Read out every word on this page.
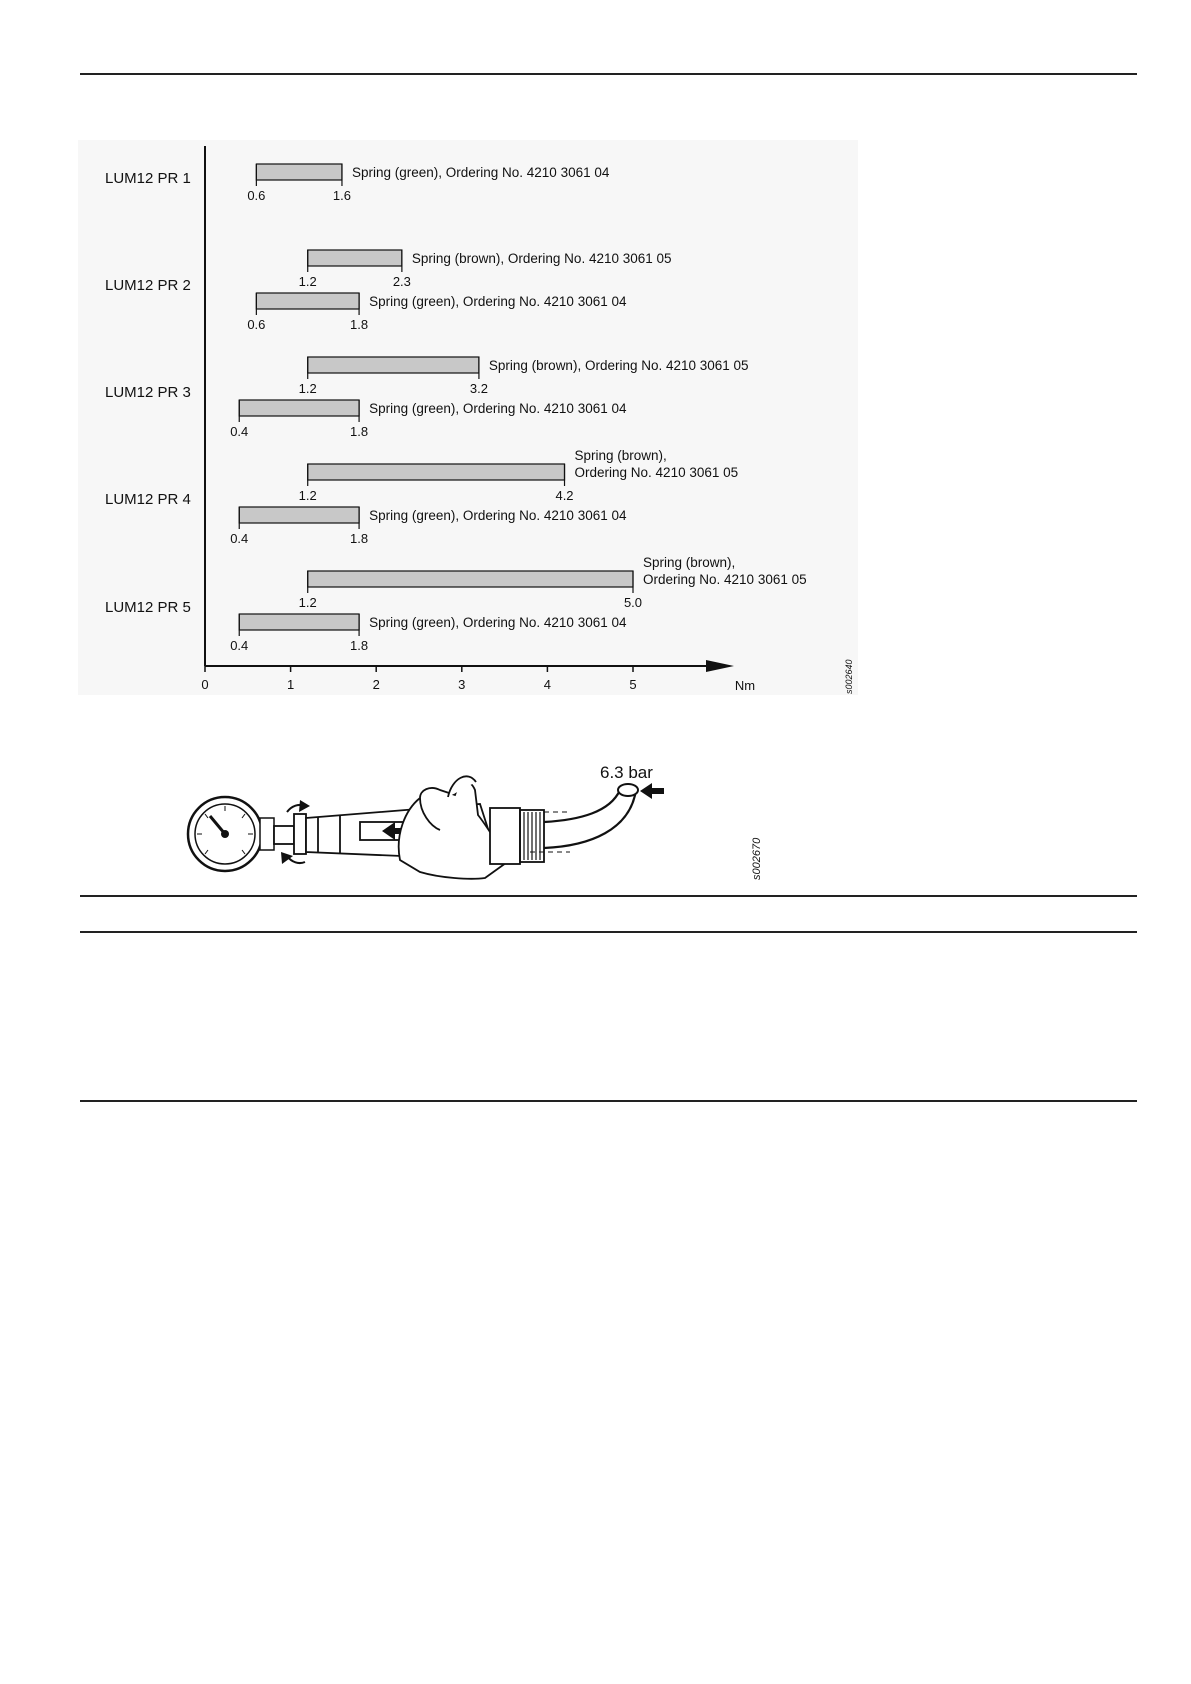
0	1	2	3	4	5
LUM12 PR 1
0.6	1.6
Spring (green), Ordering No. 4210 3061 04
LUM12 PR 2	1.2	2.3
Spring (brown), Ordering No. 4210 3061 05
0.6	1.8
Spring (green), Ordering No. 4210 3061 04
LUM12 PR 3	1.2	3.2
Spring (brown), Ordering No. 4210 3061 05
0.4	1.8
Spring (green), Ordering No. 4210 3061 04
LUM12 PR 4	1.2	4.2
Spring (brown),
Ordering No. 4210 3061 05
0.4	1.8
Spring (green), Ordering No. 4210 3061 04
LUM12 PR 5	1.2	5.0
Spring (brown),
Ordering No. 4210 3061 05
0.4	1.8
Spring (green), Ordering No. 4210 3061 04
Nm	s002640
6.3 bar
s002670
